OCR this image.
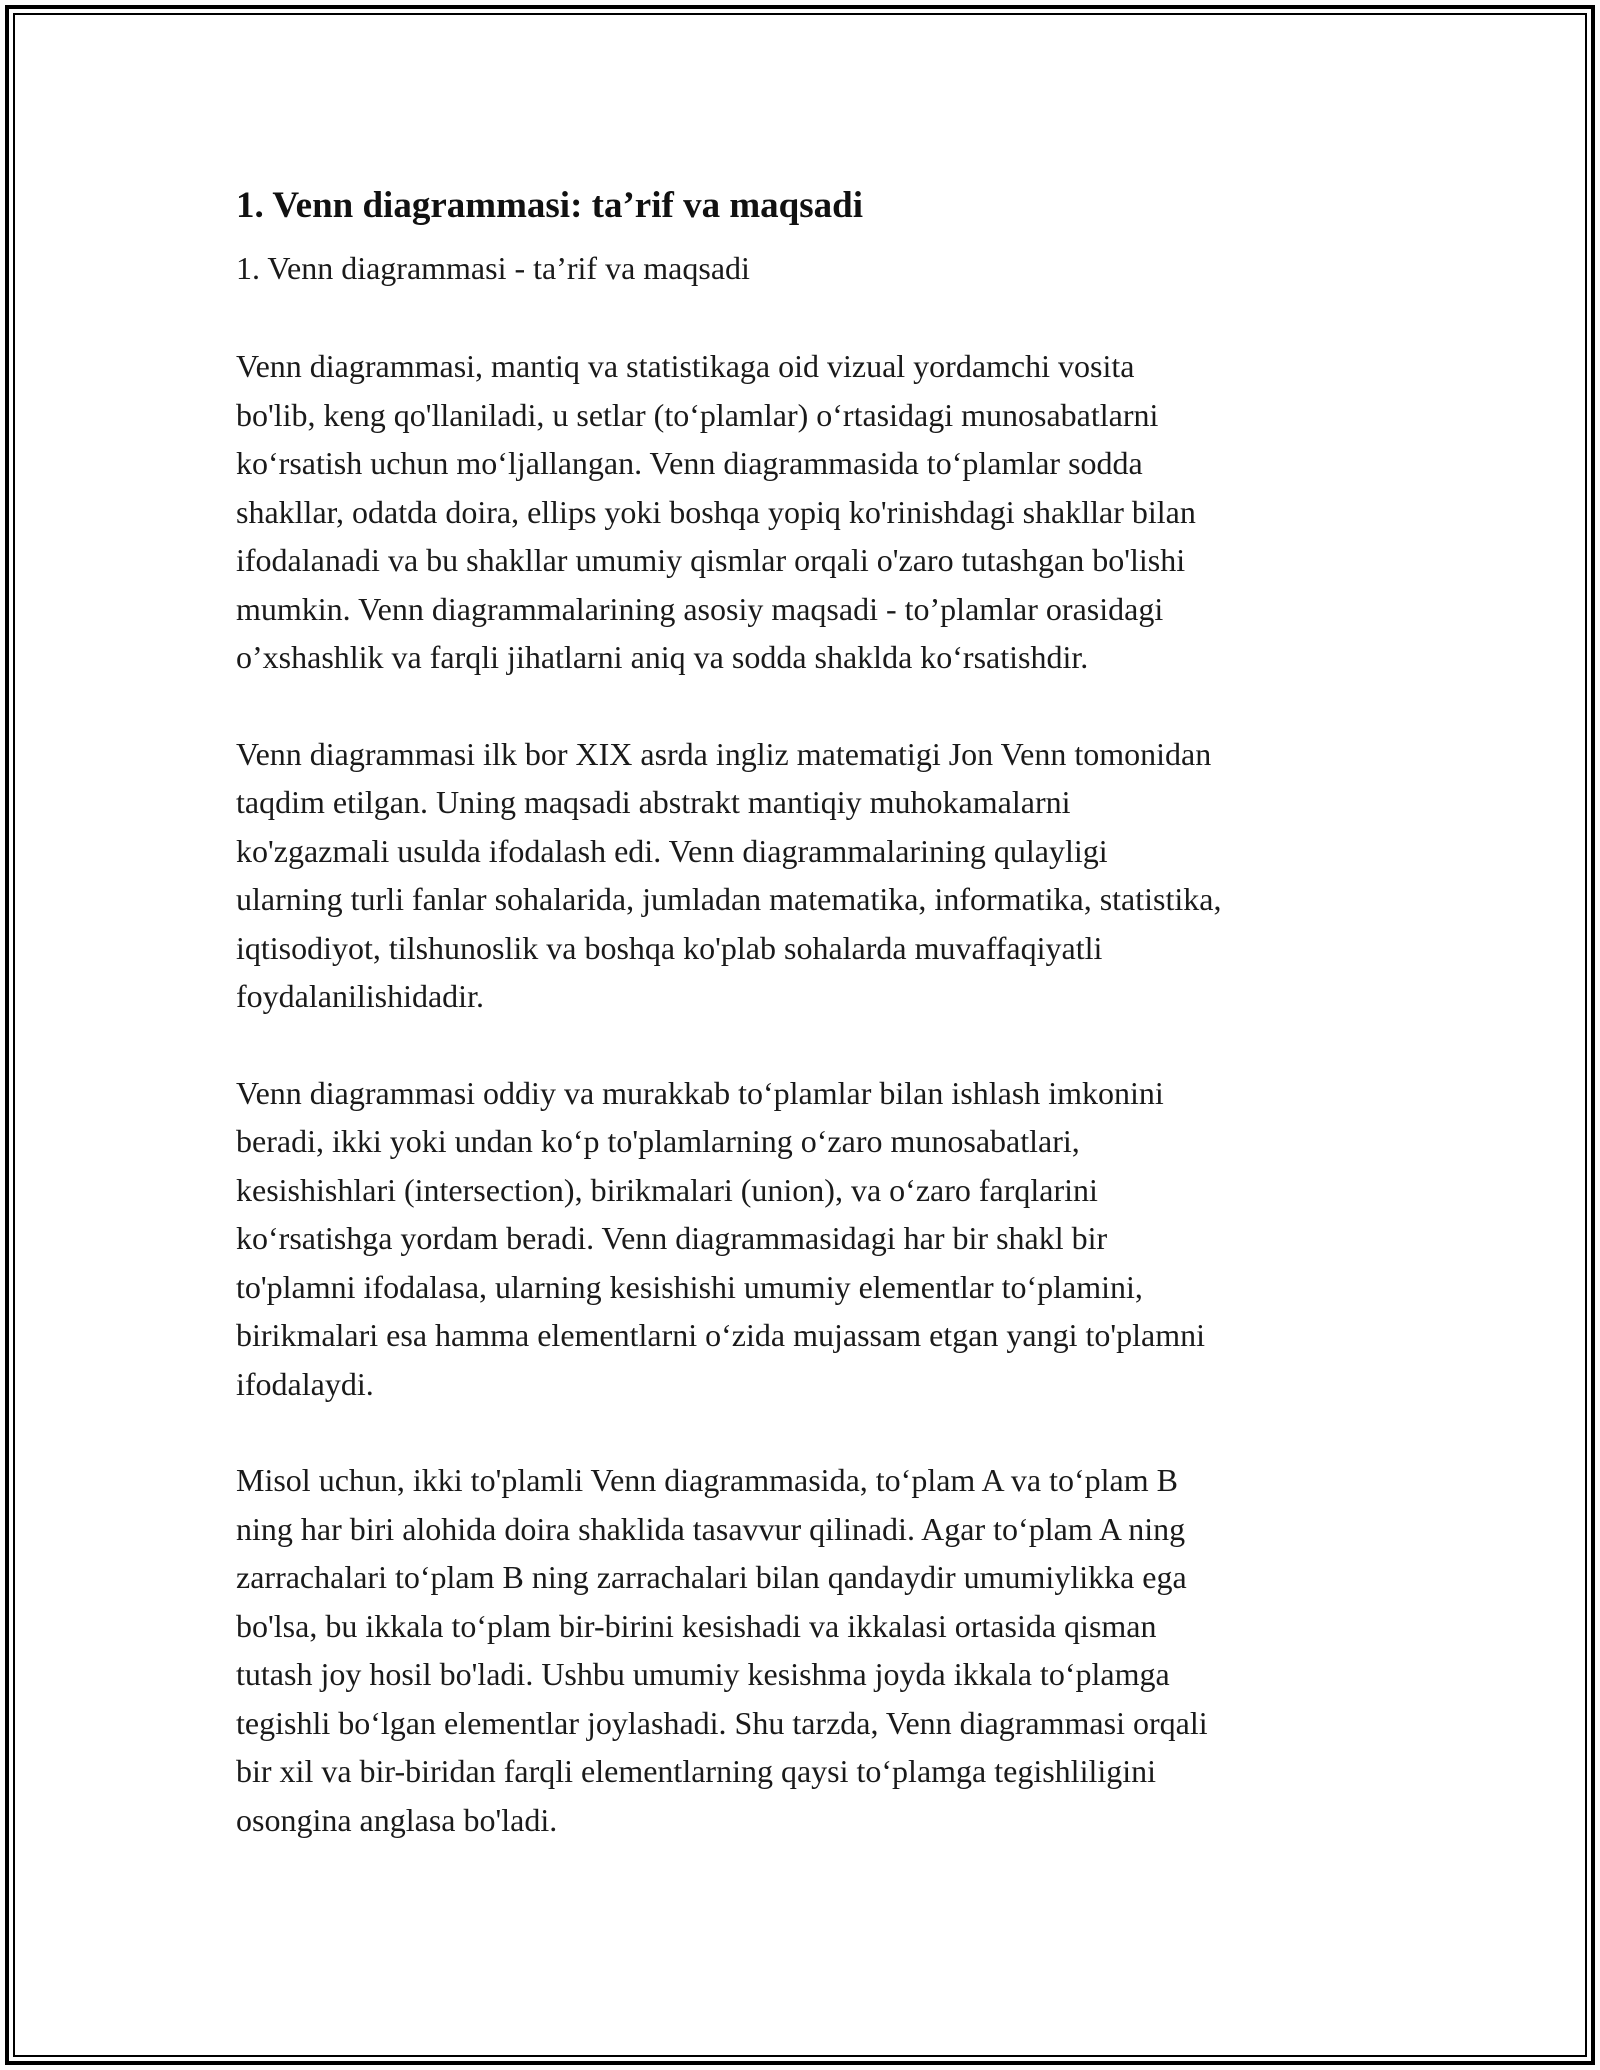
1. Venn diagrammasi: ta’rif va maqsadi
1. Venn diagrammasi - ta’rif va maqsadi
Venn diagrammasi, mantiq va statistikaga oid vizual yordamchi vosita
bo'lib, keng qo'llaniladi, u setlar (to‘plamlar) o‘rtasidagi munosabatlarni
ko‘rsatish uchun mo‘ljallangan. Venn diagrammasida to‘plamlar sodda
shakllar, odatda doira, ellips yoki boshqa yopiq ko'rinishdagi shakllar bilan
ifodalanadi va bu shakllar umumiy qismlar orqali o'zaro tutashgan bo'lishi
mumkin. Venn diagrammalarining asosiy maqsadi - to’plamlar orasidagi
o’xshashlik va farqli jihatlarni aniq va sodda shaklda ko‘rsatishdir.
Venn diagrammasi ilk bor XIX asrda ingliz matematigi Jon Venn tomonidan
taqdim etilgan. Uning maqsadi abstrakt mantiqiy muhokamalarni
ko'zgazmali usulda ifodalash edi. Venn diagrammalarining qulayligi
ularning turli fanlar sohalarida, jumladan matematika, informatika, statistika,
iqtisodiyot, tilshunoslik va boshqa ko'plab sohalarda muvaffaqiyatli
foydalanilishidadir.
Venn diagrammasi oddiy va murakkab to‘plamlar bilan ishlash imkonini
beradi, ikki yoki undan ko‘p to'plamlarning o‘zaro munosabatlari,
kesishishlari (intersection), birikmalari (union), va o‘zaro farqlarini
ko‘rsatishga yordam beradi. Venn diagrammasidagi har bir shakl bir
to'plamni ifodalasa, ularning kesishishi umumiy elementlar to‘plamini,
birikmalari esa hamma elementlarni o‘zida mujassam etgan yangi to'plamni
ifodalaydi.
Misol uchun, ikki to'plamli Venn diagrammasida, to‘plam A va to‘plam B
ning har biri alohida doira shaklida tasavvur qilinadi. Agar to‘plam A ning
zarrachalari to‘plam B ning zarrachalari bilan qandaydir umumiylikka ega
bo'lsa, bu ikkala to‘plam bir-birini kesishadi va ikkalasi ortasida qisman
tutash joy hosil bo'ladi. Ushbu umumiy kesishma joyda ikkala to‘plamga
tegishli bo‘lgan elementlar joylashadi. Shu tarzda, Venn diagrammasi orqali
bir xil va bir-biridan farqli elementlarning qaysi to‘plamga tegishliligini
osongina anglasa bo'ladi.
